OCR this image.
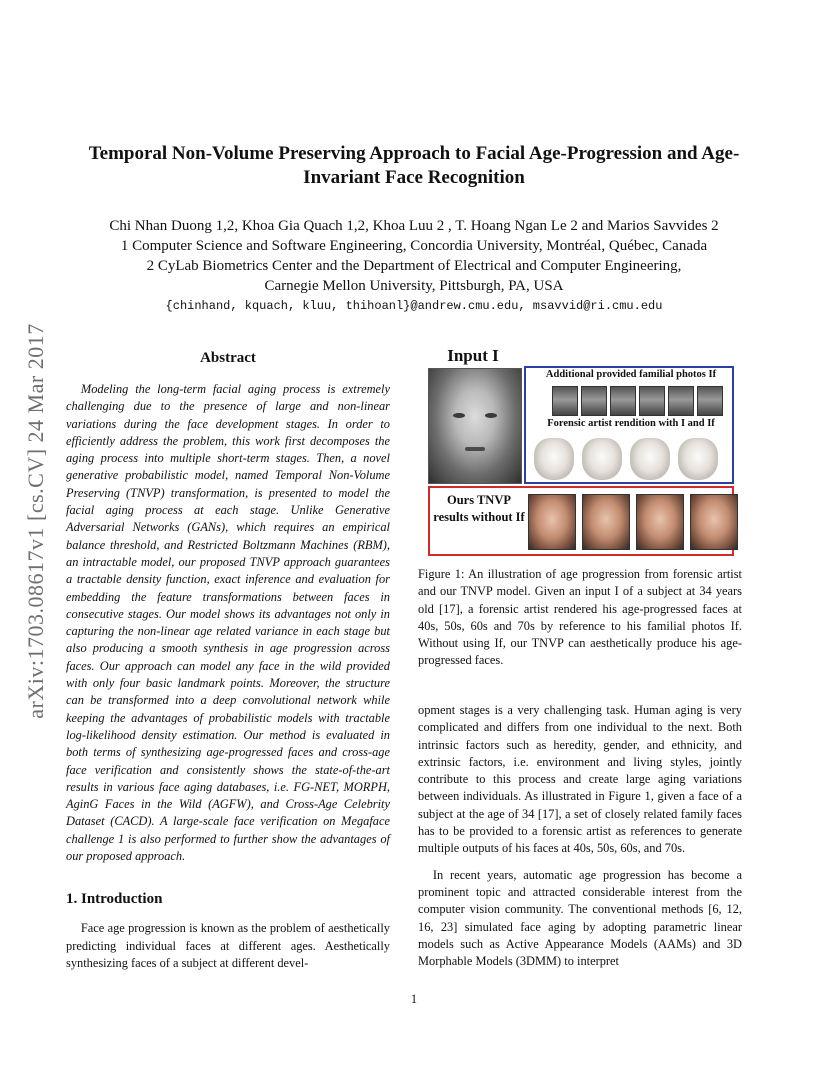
arXiv:1703.08617v1 [cs.CV] 24 Mar 2017
Temporal Non-Volume Preserving Approach to Facial Age-Progression and Age-Invariant Face Recognition
Chi Nhan Duong 1,2, Khoa Gia Quach 1,2, Khoa Luu 2 , T. Hoang Ngan Le 2 and Marios Savvides 2
1 Computer Science and Software Engineering, Concordia University, Montréal, Québec, Canada
2 CyLab Biometrics Center and the Department of Electrical and Computer Engineering,
Carnegie Mellon University, Pittsburgh, PA, USA
{chinhand, kquach, kluu, thihoanl}@andrew.cmu.edu, msavvid@ri.cmu.edu
Abstract

Modeling the long-term facial aging process is extremely challenging due to the presence of large and non-linear variations during the face development stages. In order to efficiently address the problem, this work first decomposes the aging process into multiple short-term stages. Then, a novel generative probabilistic model, named Temporal Non-Volume Preserving (TNVP) transformation, is presented to model the facial aging process at each stage. Unlike Generative Adversarial Networks (GANs), which requires an empirical balance threshold, and Restricted Boltzmann Machines (RBM), an intractable model, our proposed TNVP approach guarantees a tractable density function, exact inference and evaluation for embedding the feature transformations between faces in consecutive stages. Our model shows its advantages not only in capturing the non-linear age related variance in each stage but also producing a smooth synthesis in age progression across faces. Our approach can model any face in the wild provided with only four basic landmark points. Moreover, the structure can be transformed into a deep convolutional network while keeping the advantages of probabilistic models with tractable log-likelihood density estimation. Our method is evaluated in both terms of synthesizing age-progressed faces and cross-age face verification and consistently shows the state-of-the-art results in various face aging databases, i.e. FG-NET, MORPH, AginG Faces in the Wild (AGFW), and Cross-Age Celebrity Dataset (CACD). A large-scale face verification on Megaface challenge 1 is also performed to further show the advantages of our proposed approach.

1. Introduction

Face age progression is known as the problem of aesthetically predicting individual faces at different ages. Aesthetically synthesizing faces of a subject at different devel-

Input I
Additional provided familial photos If
Forensic artist rendition with I and If
Ours TNVP results without If
Figure 1: An illustration of age progression from forensic artist and our TNVP model. Given an input I of a subject at 34 years old [17], a forensic artist rendered his age-progressed faces at 40s, 50s, 60s and 70s by reference to his familial photos If. Without using If, our TNVP can aesthetically produce his age-progressed faces.

opment stages is a very challenging task. Human aging is very complicated and differs from one individual to the next. Both intrinsic factors such as heredity, gender, and ethnicity, and extrinsic factors, i.e. environment and living styles, jointly contribute to this process and create large aging variations between individuals. As illustrated in Figure 1, given a face of a subject at the age of 34 [17], a set of closely related family faces has to be provided to a forensic artist as references to generate multiple outputs of his faces at 40s, 50s, 60s, and 70s.

In recent years, automatic age progression has become a prominent topic and attracted considerable interest from the computer vision community. The conventional methods [6, 12, 16, 23] simulated face aging by adopting parametric linear models such as Active Appearance Models (AAMs) and 3D Morphable Models (3DMM) to interpret

1
